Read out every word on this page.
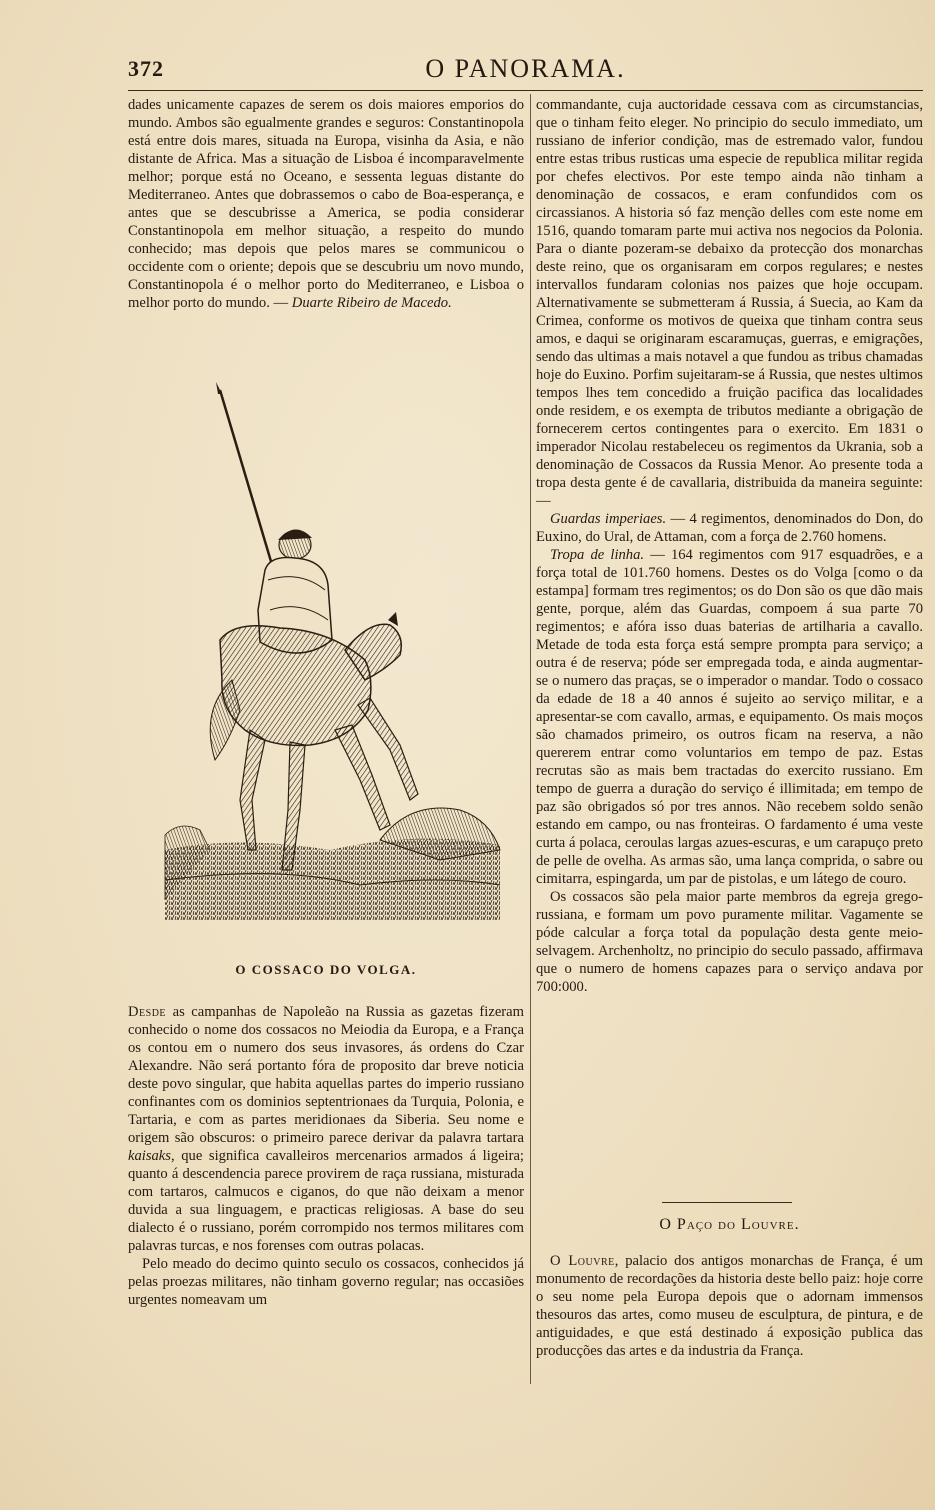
372	O PANORAMA.

dades unicamente capazes de serem os dois maiores emporios do mundo. Ambos são egualmente grandes e seguros: Constantinopola está entre dois mares, situada na Europa, visinha da Asia, e não distante de Africa. Mas a situação de Lisboa é incomparavelmente melhor; porque está no Oceano, e sessenta leguas distante do Mediterraneo. Antes que dobrassemos o cabo de Boa-esperança, e antes que se descubrisse a America, se podia considerar Constantinopola em melhor situação, a respeito do mundo conhecido; mas depois que pelos mares se communicou o occidente com o oriente; depois que se descubriu um novo mundo, Constantinopola é o melhor porto do Mediterraneo, e Lisboa o melhor porto do mundo. — Duarte Ribeiro de Macedo.

O COSSACO DO VOLGA.

Desde as campanhas de Napoleão na Russia as gazetas fizeram conhecido o nome dos cossacos no Meiodia da Europa, e a França os contou em o numero dos seus invasores, ás ordens do Czar Alexandre. Não será portanto fóra de proposito dar breve noticia deste povo singular, que habita aquellas partes do imperio russiano confinantes com os dominios septentrionaes da Turquia, Polonia, e Tartaria, e com as partes meridionaes da Siberia. Seu nome e origem são obscuros: o primeiro parece derivar da palavra tartara kaisaks, que significa cavalleiros mercenarios armados á ligeira; quanto á descendencia parece provirem de raça russiana, misturada com tartaros, calmucos e ciganos, do que não deixam a menor duvida a sua linguagem, e practicas religiosas. A base do seu dialecto é o russiano, porém corrompido nos termos militares com palavras turcas, e nos forenses com outras polacas.

Pelo meado do decimo quinto seculo os cossacos, conhecidos já pelas proezas militares, não tinham governo regular; nas occasiões urgentes nomeavam um

commandante, cuja auctoridade cessava com as circumstancias, que o tinham feito eleger. No principio do seculo immediato, um russiano de inferior condição, mas de estremado valor, fundou entre estas tribus rusticas uma especie de republica militar regida por chefes electivos. Por este tempo ainda não tinham a denominação de cossacos, e eram confundidos com os circassianos. A historia só faz menção delles com este nome em 1516, quando tomaram parte mui activa nos negocios da Polonia. Para o diante pozeram-se debaixo da protecção dos monarchas deste reino, que os organisaram em corpos regulares; e nestes intervallos fundaram colonias nos paizes que hoje occupam. Alternativamente se submetteram á Russia, á Suecia, ao Kam da Crimea, conforme os motivos de queixa que tinham contra seus amos, e daqui se originaram escaramuças, guerras, e emigrações, sendo das ultimas a mais notavel a que fundou as tribus chamadas hoje do Euxino. Porfim sujeitaram-se á Russia, que nestes ultimos tempos lhes tem concedido a fruição pacifica das localidades onde residem, e os exempta de tributos mediante a obrigação de fornecerem certos contingentes para o exercito. Em 1831 o imperador Nicolau restabeleceu os regimentos da Ukrania, sob a denominação de Cossacos da Russia Menor. Ao presente toda a tropa desta gente é de cavallaria, distribuida da maneira seguinte: —

Guardas imperiaes. — 4 regimentos, denominados do Don, do Euxino, do Ural, de Attaman, com a força de 2.760 homens.

Tropa de linha. — 164 regimentos com 917 esquadrões, e a força total de 101.760 homens. Destes os do Volga [como o da estampa] formam tres regimentos; os do Don são os que dão mais gente, porque, além das Guardas, compoem á sua parte 70 regimentos; e afóra isso duas baterias de artilharia a cavallo. Metade de toda esta força está sempre prompta para serviço; a outra é de reserva; póde ser empregada toda, e ainda augmentar-se o numero das praças, se o imperador o mandar. Todo o cossaco da edade de 18 a 40 annos é sujeito ao serviço militar, e a apresentar-se com cavallo, armas, e equipamento. Os mais moços são chamados primeiro, os outros ficam na reserva, a não quererem entrar como voluntarios em tempo de paz. Estas recrutas são as mais bem tractadas do exercito russiano. Em tempo de guerra a duração do serviço é illimitada; em tempo de paz são obrigados só por tres annos. Não recebem soldo senão estando em campo, ou nas fronteiras. O fardamento é uma veste curta á polaca, ceroulas largas azues-escuras, e um carapuço preto de pelle de ovelha. As armas são, uma lança comprida, o sabre ou cimitarra, espingarda, um par de pistolas, e um látego de couro.

Os cossacos são pela maior parte membros da egreja grego-russiana, e formam um povo puramente militar. Vagamente se póde calcular a força total da população desta gente meio-selvagem. Archenholtz, no principio do seculo passado, affirmava que o numero de homens capazes para o serviço andava por 700:000.

O Paço do Louvre.

O Louvre, palacio dos antigos monarchas de França, é um monumento de recordações da historia deste bello paiz: hoje corre o seu nome pela Europa depois que o adornam immensos thesouros das artes, como museu de esculptura, de pintura, e de antiguidades, e que está destinado á exposição publica das producções das artes e da industria da França.
